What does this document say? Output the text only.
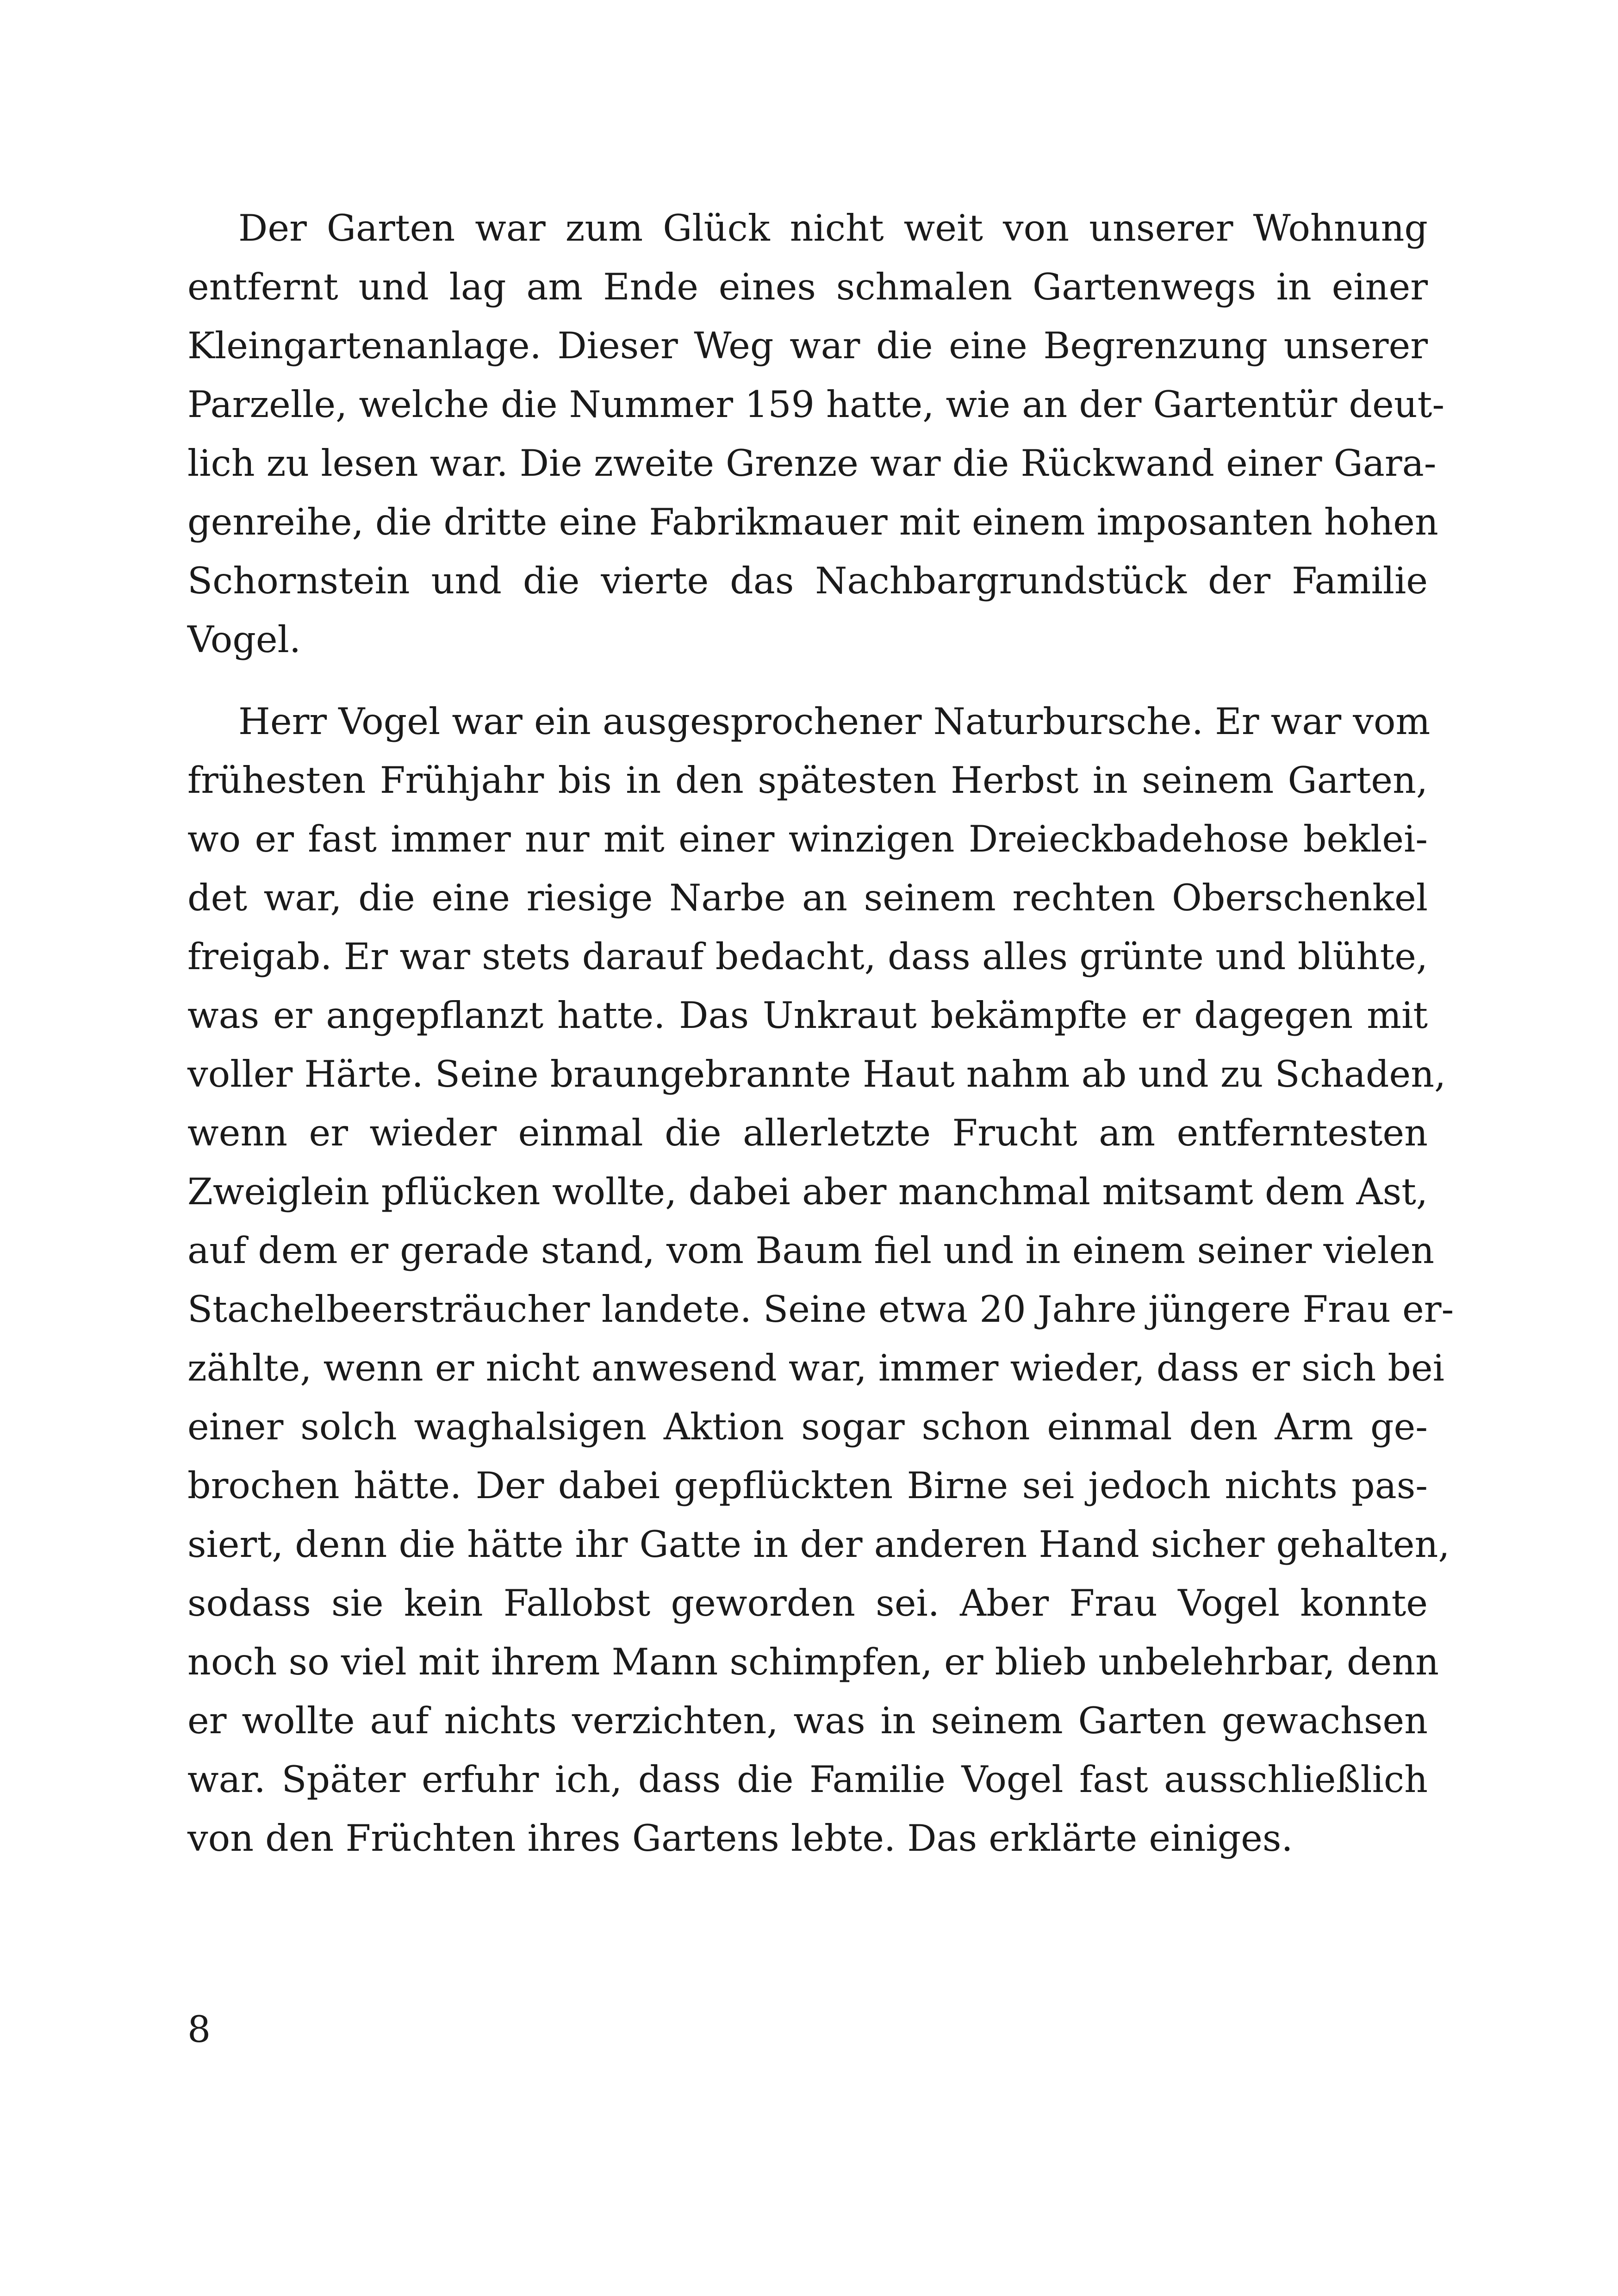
Der Garten war zum Glück nicht weit von unserer Wohnung
entfernt und lag am Ende eines schmalen Gartenwegs in einer
Kleingartenanlage. Dieser Weg war die eine Begrenzung unserer
Parzelle, welche die Nummer 159 hatte, wie an der Gartentür deut-
lich zu lesen war. Die zweite Grenze war die Rückwand einer Gara-
genreihe, die dritte eine Fabrikmauer mit einem imposanten hohen
Schornstein und die vierte das Nachbargrundstück der Familie
Vogel.
Herr Vogel war ein ausgesprochener Naturbursche. Er war vom
frühesten Frühjahr bis in den spätesten Herbst in seinem Garten,
wo er fast immer nur mit einer winzigen Dreieckbadehose beklei-
det war, die eine riesige Narbe an seinem rechten Oberschenkel
freigab. Er war stets darauf bedacht, dass alles grünte und blühte,
was er angepflanzt hatte. Das Unkraut bekämpfte er dagegen mit
voller Härte. Seine braungebrannte Haut nahm ab und zu Schaden,
wenn er wieder einmal die allerletzte Frucht am entferntesten
Zweiglein pflücken wollte, dabei aber manchmal mitsamt dem Ast,
auf dem er gerade stand, vom Baum fiel und in einem seiner vielen
Stachelbeersträucher landete. Seine etwa 20 Jahre jüngere Frau er-
zählte, wenn er nicht anwesend war, immer wieder, dass er sich bei
einer solch waghalsigen Aktion sogar schon einmal den Arm ge-
brochen hätte. Der dabei gepflückten Birne sei jedoch nichts pas-
siert, denn die hätte ihr Gatte in der anderen Hand sicher gehalten,
sodass sie kein Fallobst geworden sei. Aber Frau Vogel konnte
noch so viel mit ihrem Mann schimpfen, er blieb unbelehrbar, denn
er wollte auf nichts verzichten, was in seinem Garten gewachsen
war. Später erfuhr ich, dass die Familie Vogel fast ausschließlich
von den Früchten ihres Gartens lebte. Das erklärte einiges.
8
